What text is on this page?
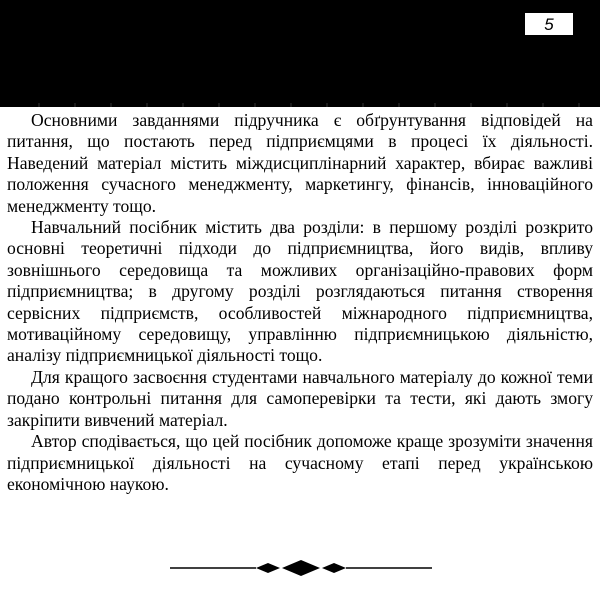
5

Основними завданнями підручника є обґрунтування відповідей на питання, що постають перед підприємцями в процесі їх діяльності. Наведений матеріал містить міждисциплінарний характер, вбирає важливі положення сучасного менеджменту, маркетингу, фінансів, інноваційного менеджменту тощо.

Навчальний посібник містить два розділи: в першому розділі розкрито основні теоретичні підходи до підприємництва, його видів, впливу зовнішнього середовища та можливих організаційно-правових форм підприємництва; в другому розділі розглядаються питання створення сервісних підприємств, особливостей міжнародного підприємництва, мотиваційному середовищу, управлінню підприємницькою діяльністю, аналізу підприємницької діяльності тощо.

Для кращого засвоєння студентами навчального матеріалу до кожної теми подано контрольні питання для самоперевірки та тести, які дають змогу закріпити вивчений матеріал.

Автор сподівається, що цей посібник допоможе краще зрозуміти значення підприємницької діяльності на сучасному етапі перед українською економічною наукою.
